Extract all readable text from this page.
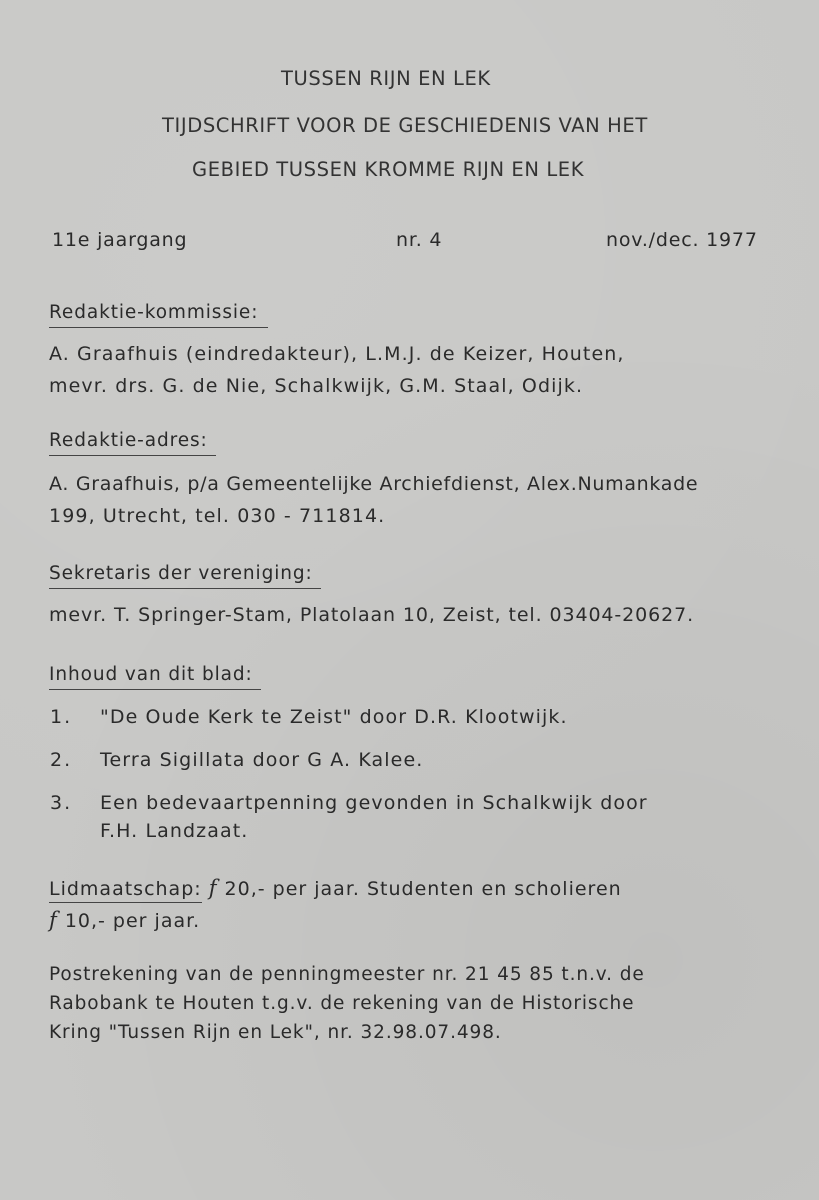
TUSSEN RIJN EN LEK
TIJDSCHRIFT VOOR DE GESCHIEDENIS VAN HET
GEBIED TUSSEN KROMME RIJN EN LEK
11e jaargang	nr. 4	nov./dec. 1977
Redaktie-kommissie:
A. Graafhuis (eindredakteur), L.M.J. de Keizer, Houten,
mevr. drs. G. de Nie, Schalkwijk, G.M. Staal, Odijk.
Redaktie-adres:
A. Graafhuis, p/a Gemeentelijke Archiefdienst, Alex.Numankade
199, Utrecht, tel. 030 - 711814.
Sekretaris der vereniging:
mevr. T. Springer-Stam, Platolaan 10, Zeist, tel. 03404-20627.
Inhoud van dit blad:
1. "De Oude Kerk te Zeist" door D.R. Klootwijk.
2. Terra Sigillata door G A. Kalee.
3. Een bedevaartpenning gevonden in Schalkwijk door
F.H. Landzaat.
Lidmaatschap: f 20,- per jaar. Studenten en scholieren
f 10,- per jaar.
Postrekening van de penningmeester nr. 21 45 85 t.n.v. de
Rabobank te Houten t.g.v. de rekening van de Historische
Kring "Tussen Rijn en Lek", nr. 32.98.07.498.
